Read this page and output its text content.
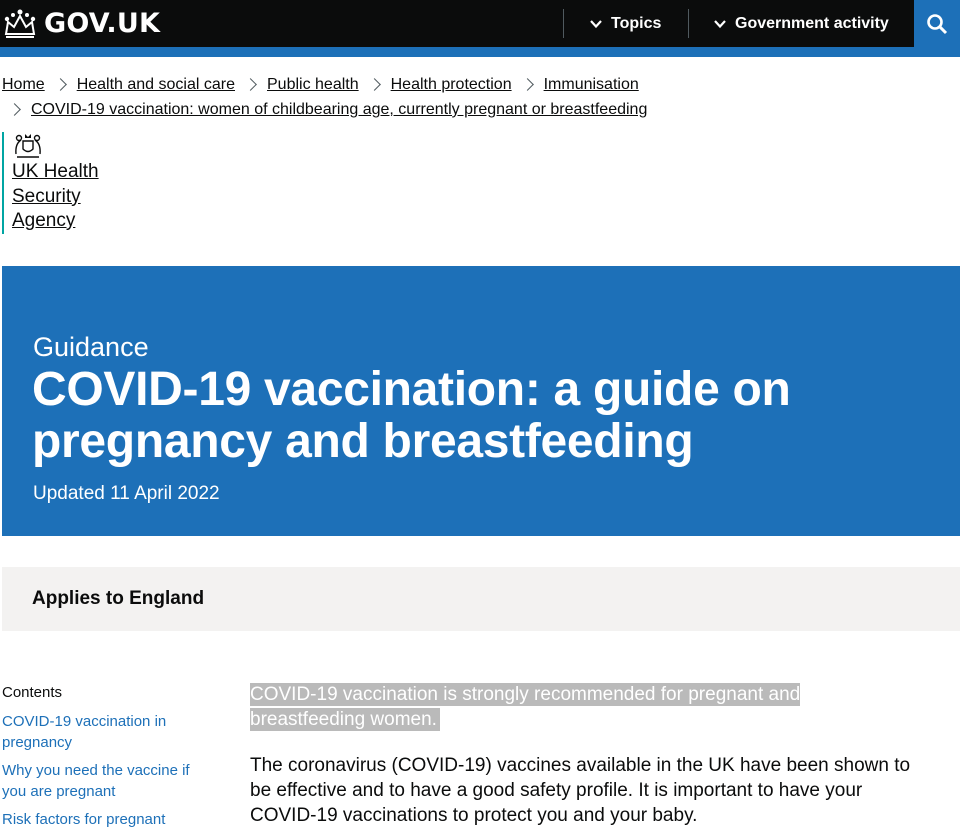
GOV.UK	Topics	Government activity
Home Health and social care Public health Health protection Immunisation
COVID-19 vaccination: women of childbearing age, currently pregnant or breastfeeding
UK Health
Security
Agency
Guidance
COVID-19 vaccination: a guide on pregnancy and breastfeeding
Updated 11 April 2022
Applies to England
Contents
COVID-19 vaccination in pregnancy
Why you need the vaccine if you are pregnant
Risk factors for pregnant
COVID-19 vaccination is strongly recommended for pregnant and breastfeeding women.

The coronavirus (COVID-19) vaccines available in the UK have been shown to be effective and to have a good safety profile. It is important to have your COVID-19 vaccinations to protect you and your baby.
